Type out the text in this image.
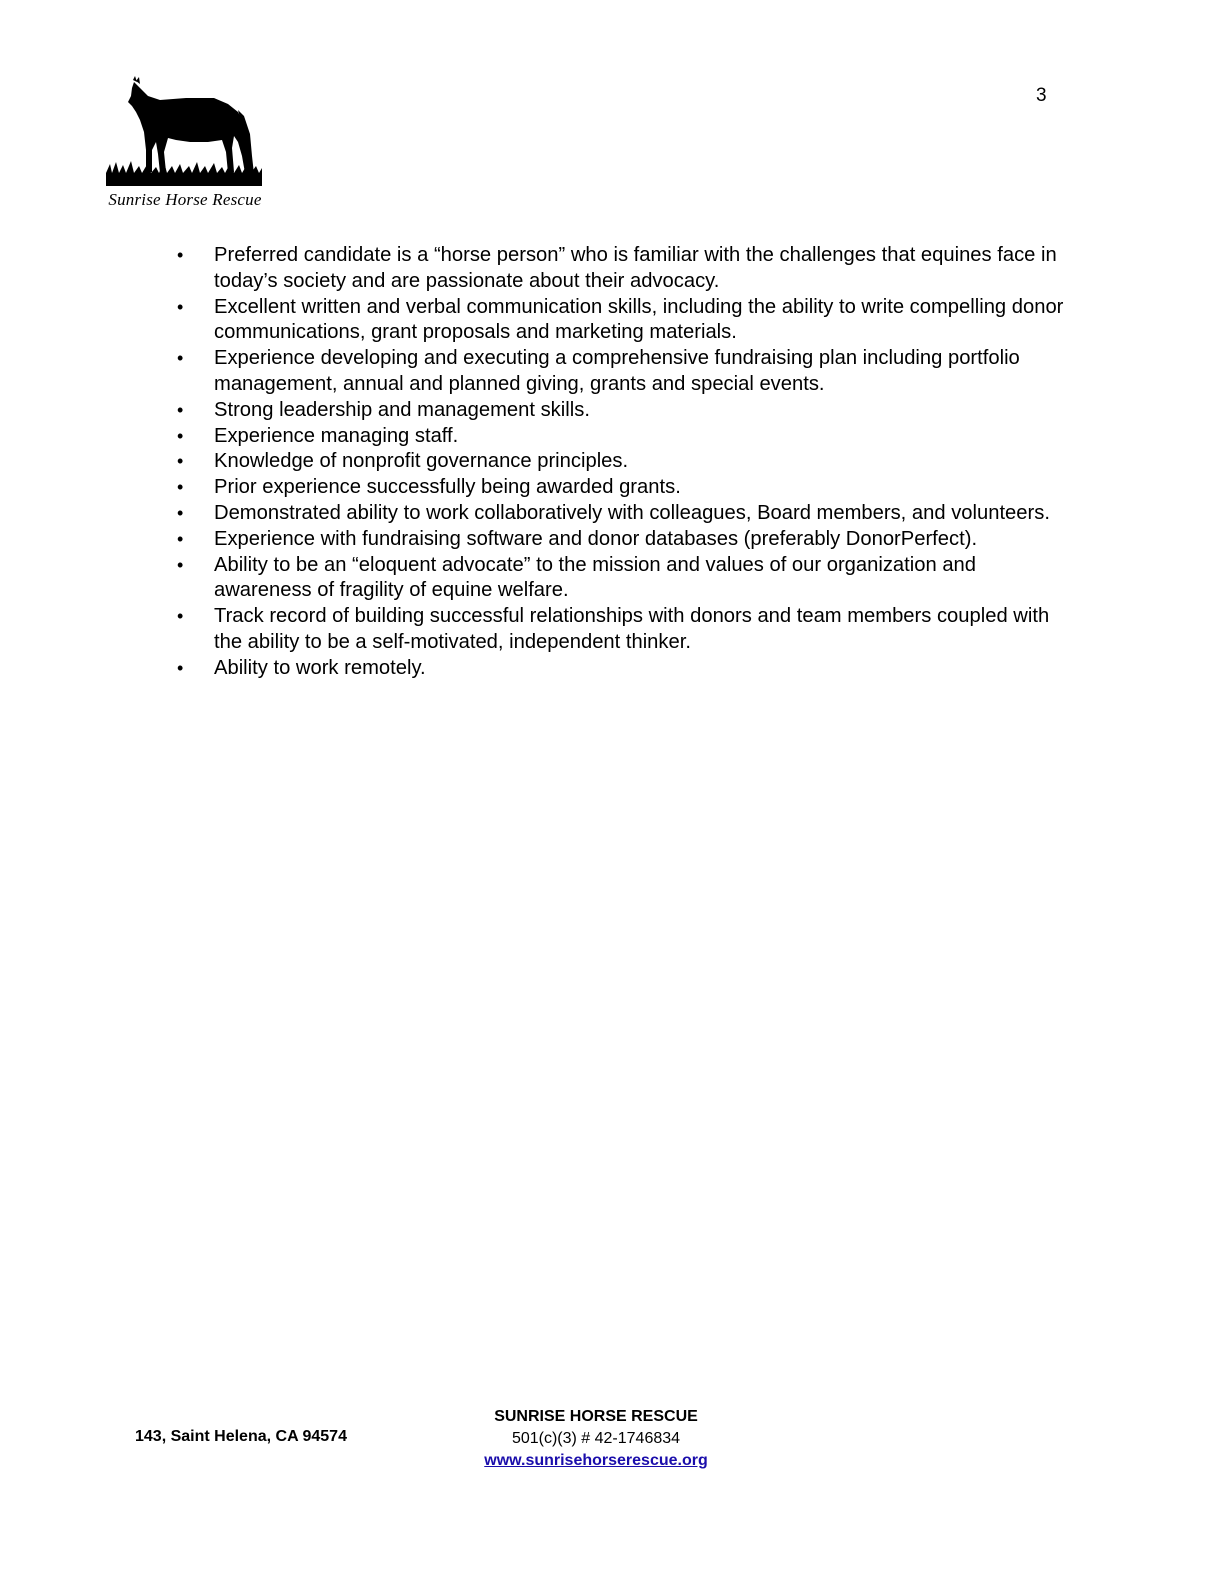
3
Sunrise Horse Rescue
• Preferred candidate is a “horse person” who is familiar with the challenges that equines face in today’s society and are passionate about their advocacy.
• Excellent written and verbal communication skills, including the ability to write compelling donor communications, grant proposals and marketing materials.
• Experience developing and executing a comprehensive fundraising plan including portfolio management, annual and planned giving, grants and special events.
• Strong leadership and management skills.
• Experience managing staff.
• Knowledge of nonprofit governance principles.
• Prior experience successfully being awarded grants.
• Demonstrated ability to work collaboratively with colleagues, Board members, and volunteers.
• Experience with fundraising software and donor databases (preferably DonorPerfect).
• Ability to be an “eloquent advocate” to the mission and values of our organization and awareness of fragility of equine welfare.
• Track record of building successful relationships with donors and team members coupled with the ability to be a self-motivated, independent thinker.
• Ability to work remotely.
143, Saint Helena, CA 94574
SUNRISE HORSE RESCUE
501(c)(3) # 42-1746834
www.sunrisehorserescue.org
